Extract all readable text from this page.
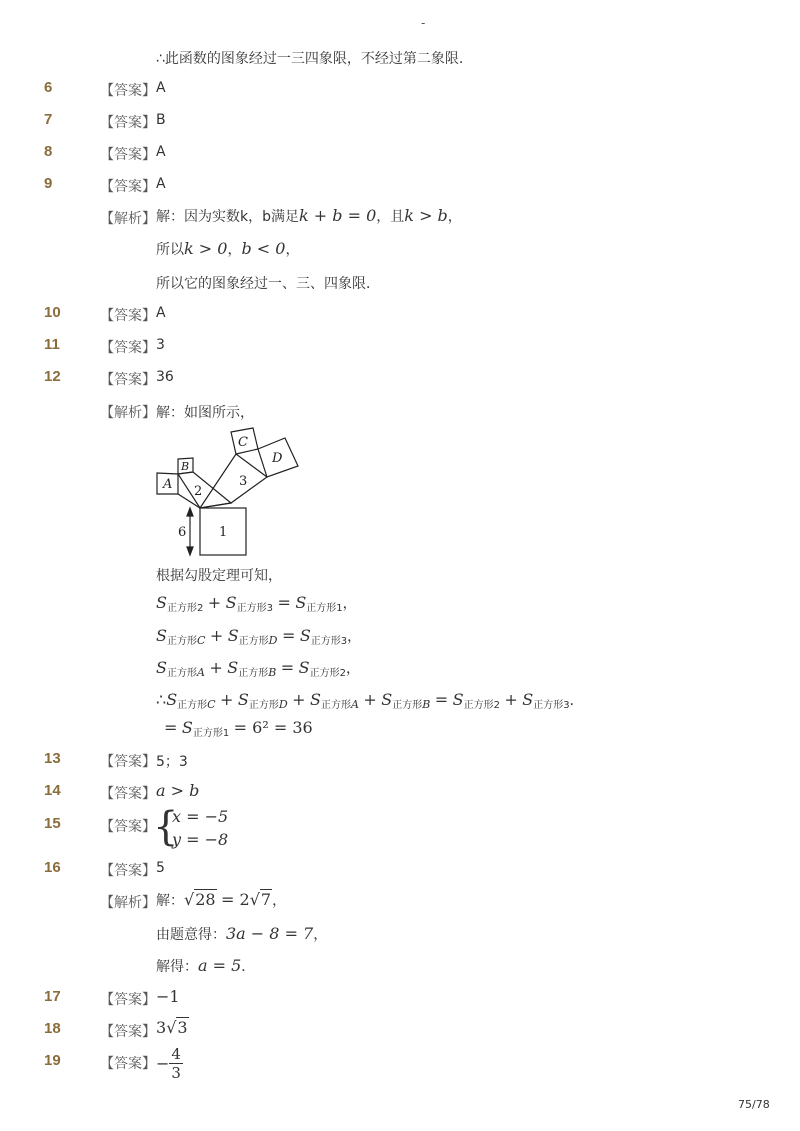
-
∴此函数的图象经过一三四象限，不经过第二象限．
6	【答案】 A
7	【答案】 B
8	【答案】 A
9	【答案】 A
【解析】 解：因为实数k，b满足k + b = 0，且k > b，
所以k > 0，b < 0，
所以它的图象经过一、三、四象限．
10	【答案】 A
11	【答案】 3
12	【答案】 36
【解析】 解：如图所示，
A
B
C
D
2
3
1
6
根据勾股定理可知，
$S_{正方形2} + S_{正方形3} = S_{正方形1}$，
$S_{正方形C} + S_{正方形D} = S_{正方形3}$，
$S_{正方形A} + S_{正方形B} = S_{正方形2}$，
$\therefore S_{正方形C} + S_{正方形D} + S_{正方形A} + S_{正方形B} = S_{正方形2} + S_{正方形3}$．
= $S_{正方形1} = 6^2 = 36$
13	【答案】 5；3
14	【答案】 a > b
15	【答案】
{
x = −5
y = −8
16	【答案】 5
【解析】 解：√28 = 2√7，
由题意得：3a − 8 = 7，
解得：a = 5．
17	【答案】 −1
18	【答案】 3√3
19	【答案】 − $\frac{4}{3}$
75/78
